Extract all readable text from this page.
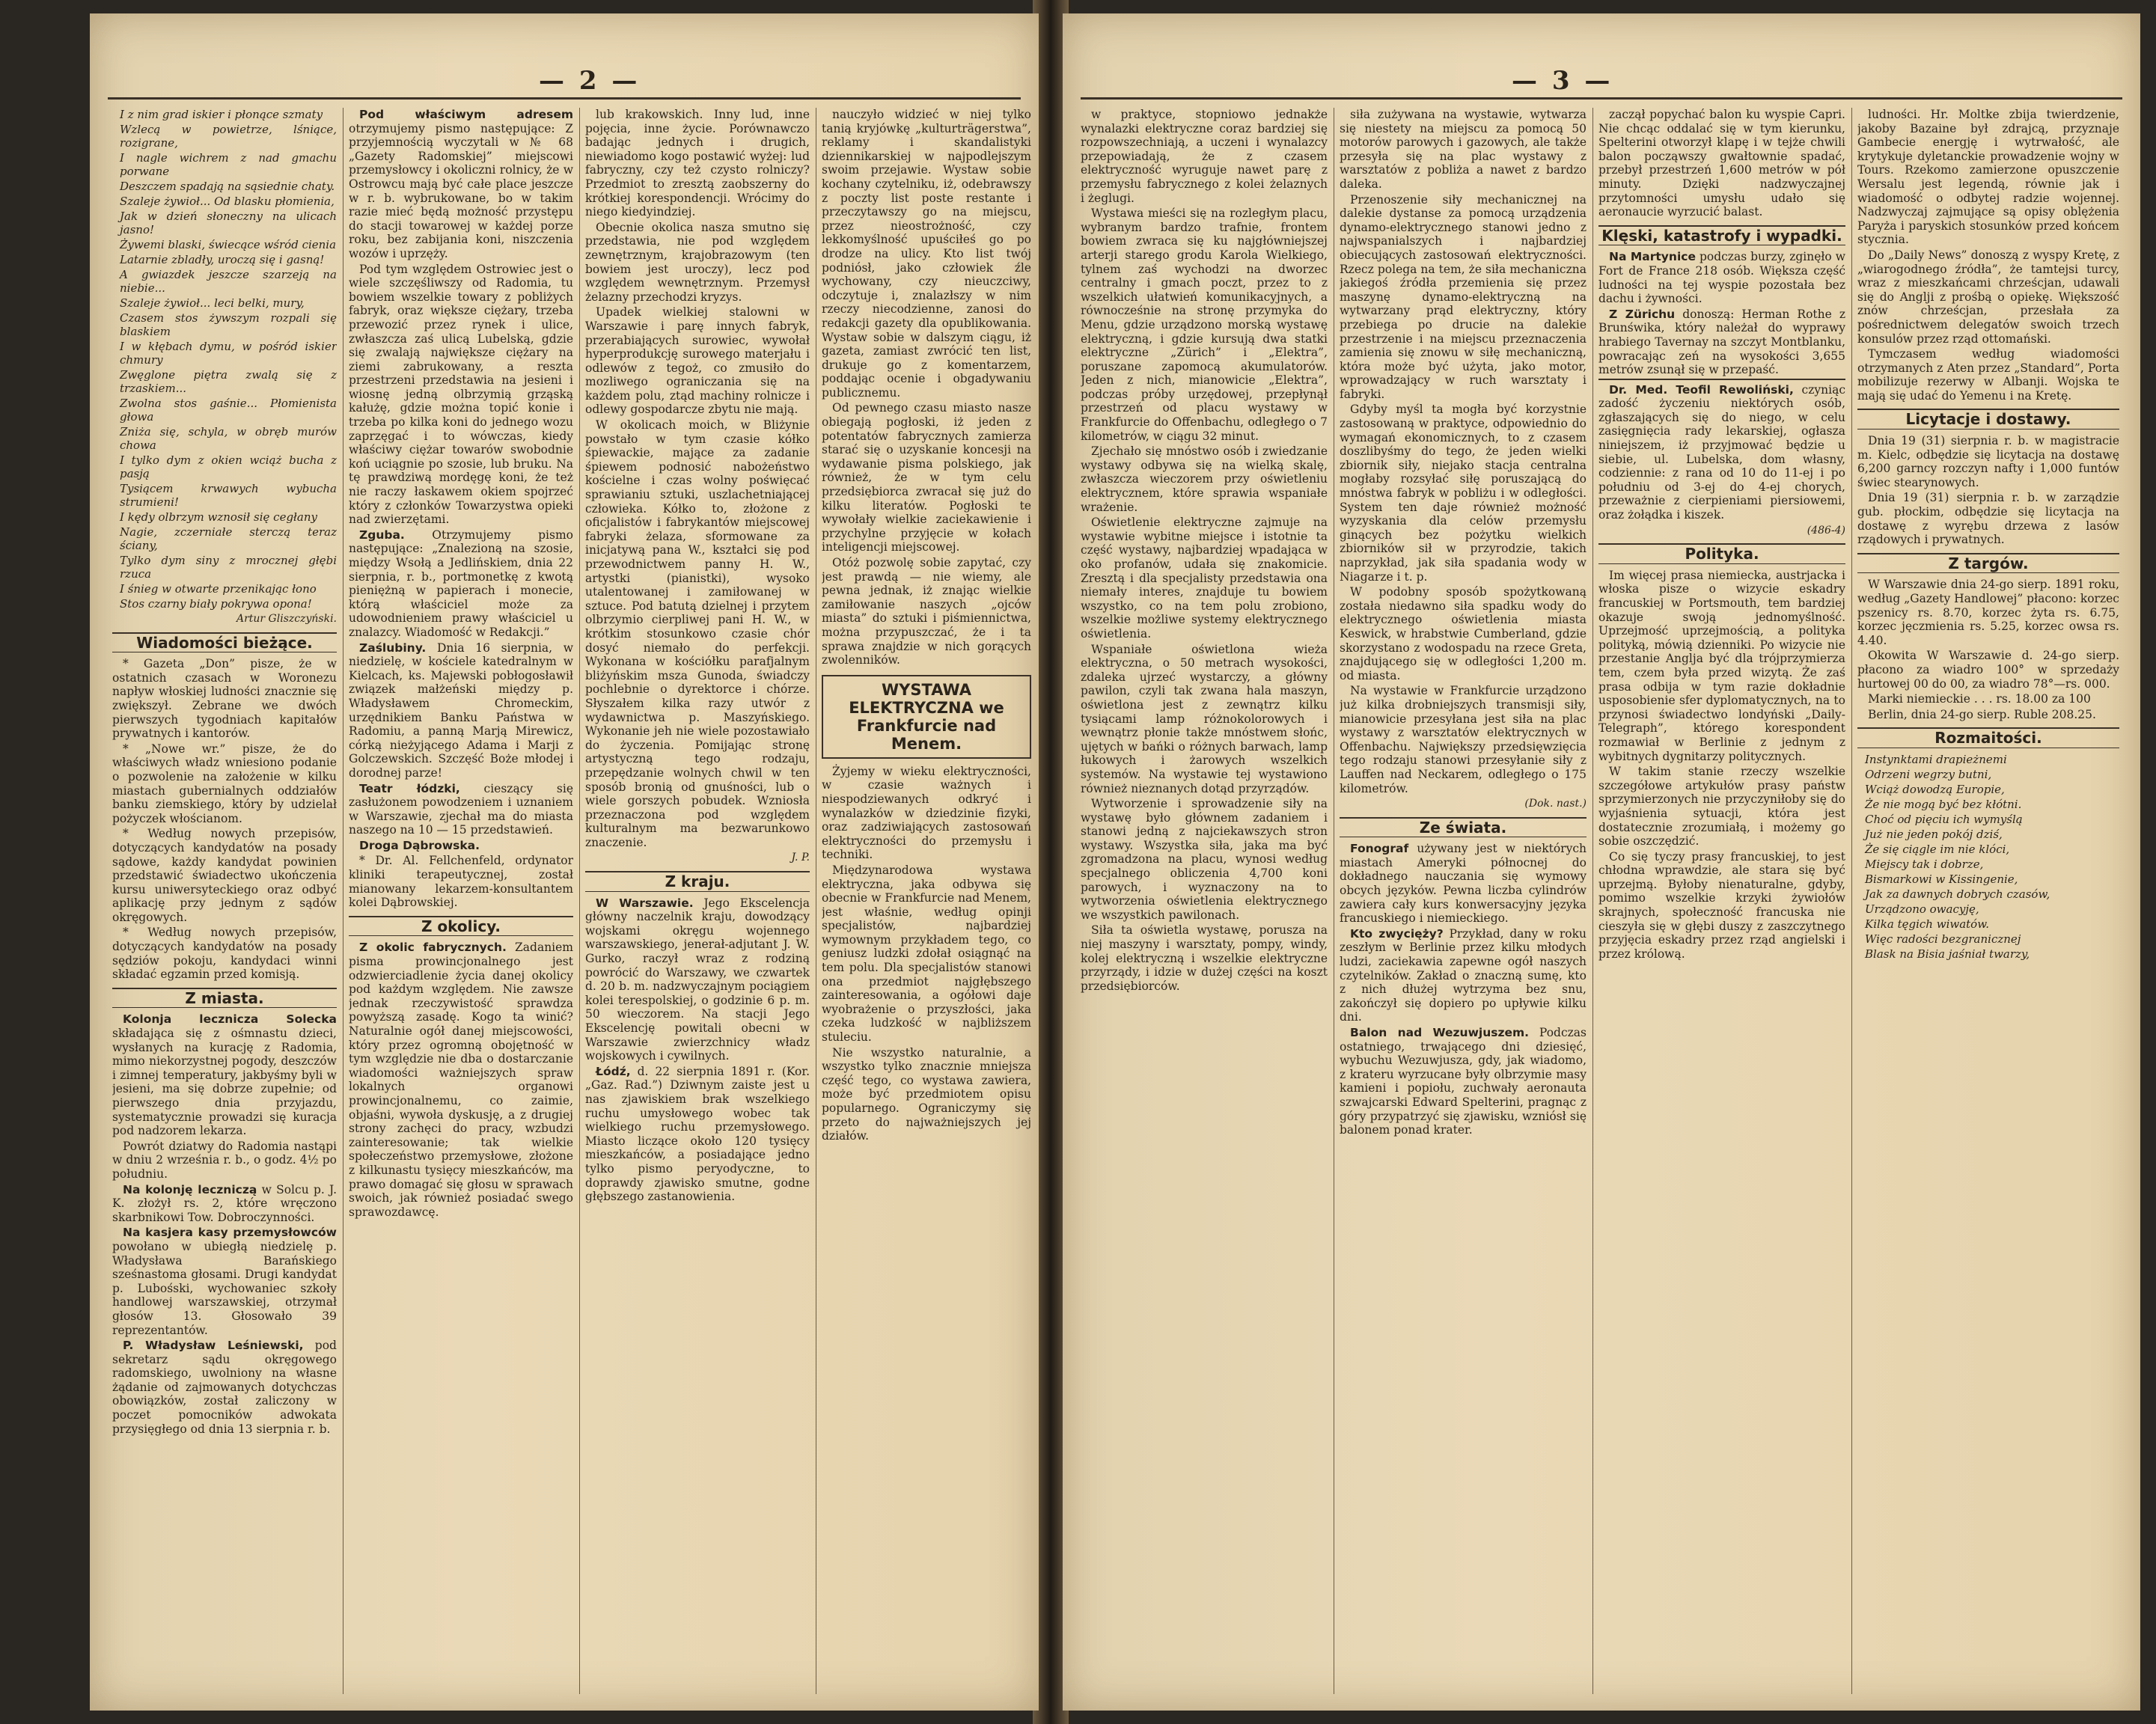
— 2 —
I z nim grad iskier i płonące szmaty
Wzlecą w powietrze, lśniące, rozigrane,
I nagle wichrem z nad gmachu porwane
Deszczem spadają na sąsiednie chaty.
Szaleje żywioł... Od blasku płomienia,
Jak w dzień słoneczny na ulicach jasno!
Żywemi blaski, świecące wśród cienia
Latarnie zbladły, uroczą się i gasną!
A gwiazdek jeszcze szarzeją na niebie...
Szaleje żywioł... leci belki, mury,
Czasem stos żywszym rozpali się blaskiem
I w kłębach dymu, w pośród iskier chmury
Zwęglone piętra zwalą się z trzaskiem...
Zwolna stos gaśnie... Płomienista głowa
Zniża się, schyla, w obręb murów chowa
I tylko dym z okien wciąż bucha z pasją
Tysiącem krwawych wybucha strumieni!
I kędy olbrzym wznosił się cegłany
Nagie, zczerniałe sterczą teraz ściany,
Tylko dym siny z mrocznej głębi rzuca
I śnieg w otwarte przenikając łono
Stos czarny biały pokrywa opona!
Artur Gliszczyński.
Wiadomości bieżące.

* Gazeta „Don” pisze, że w ostatnich czasach w Woronezu napływ włoskiej ludności znacznie się zwiększył. Zebrane we dwóch pierwszych tygodniach kapitałów prywatnych i kantorów.

* „Nowe wr.” pisze, że do właściwych władz wniesiono podanie o pozwolenie na założenie w kilku miastach gubernialnych oddziałów banku ziemskiego, który by udzielał pożyczek włościanom.

* Według nowych przepisów, dotyczących kandydatów na posady sądowe, każdy kandydat powinien przedstawić świadectwo ukończenia kursu uniwersyteckiego oraz odbyć aplikację przy jednym z sądów okręgowych.

* Według nowych przepisów, dotyczących kandydatów na posady sędziów pokoju, kandydaci winni składać egzamin przed komisją.

Z miasta.

Kolonja lecznicza Solecka składająca się z ośmnastu dzieci, wysłanych na kurację z Radomia, mimo niekorzystnej pogody, deszczów i zimnej temperatury, jakbyśmy byli w jesieni, ma się dobrze zupełnie; od pierwszego dnia przyjazdu, systematycznie prowadzi się kuracja pod nadzorem lekarza.

Powrót dziatwy do Radomia nastąpi w dniu 2 września r. b., o godz. 4½ po południu.

Na kolonję leczniczą w Solcu p. J. K. złożył rs. 2, które wręczono skarbnikowi Tow. Dobroczynności.

Na kasjera kasy przemysłowców powołano w ubiegłą niedzielę p. Władysława Barańskiego sześnastoma głosami. Drugi kandydat p. Lubośski, wychowaniec szkoły handlowej warszawskiej, otrzymał głosów 13. Głosowało 39 reprezentantów.

P. Władysław Leśniewski, pod sekretarz sądu okręgowego radomskiego, uwolniony na własne żądanie od zajmowanych dotychczas obowiązków, został zaliczony w poczet pomocników adwokata przysięgłego od dnia 13 sierpnia r. b.

Pod właściwym adresem otrzymujemy pismo następujące: Z przyjemnością wyczytali w № 68 „Gazety Radomskiej” miejscowi przemysłowcy i okoliczni rolnicy, że w Ostrowcu mają być całe place jeszcze w r. b. wybrukowane, bo w takim razie mieć będą możność przystępu do stacji towarowej w każdej porze roku, bez zabijania koni, niszczenia wozów i uprzęży.

Pod tym względem Ostrowiec jest o wiele szczęśliwszy od Radomia, tu bowiem wszelkie towary z pobliżych fabryk, oraz większe ciężary, trzeba przewozić przez rynek i ulice, zwłaszcza zaś ulicą Lubelską, gdzie się zwalają największe ciężary na ziemi zabrukowany, a reszta przestrzeni przedstawia na jesieni i wiosnę jedną olbrzymią grząską kałużę, gdzie można topić konie i trzeba po kilka koni do jednego wozu zaprzęgać i to wówczas, kiedy właściwy ciężar towarów swobodnie koń uciągnie po szosie, lub bruku. Na tę prawdziwą mordęgę koni, że też nie raczy łaskawem okiem spojrzeć który z członków Towarzystwa opieki nad zwierzętami.

Zguba. Otrzymujemy pismo następujące: „Znalezioną na szosie, między Wsołą a Jedlińskiem, dnia 22 sierpnia, r. b., portmonetkę z kwotą pieniężną w papierach i monecie, którą właściciel może za udowodnieniem prawy właściciel u znalazcy. Wiadomość w Redakcji.”

Zaślubiny. Dnia 16 sierpnia, w niedzielę, w kościele katedralnym w Kielcach, ks. Majewski pobłogosławił związek małżeński między p. Władysławem Chromeckim, urzędnikiem Banku Państwa w Radomiu, a panną Marją Mirewicz, córką nieżyjącego Adama i Marji z Golczewskich. Szczęść Boże młodej i dorodnej parze!

Teatr łódzki, cieszący się zasłużonem powodzeniem i uznaniem w Warszawie, zjechał ma do miasta naszego na 10 — 15 przedstawień.

Droga Dąbrowska.

* Dr. Al. Fellchenfeld, ordynator kliniki terapeutycznej, został mianowany lekarzem-konsultantem kolei Dąbrowskiej.

Z okolicy.

Z okolic fabrycznych. Zadaniem pisma prowincjonalnego jest odzwierciadlenie życia danej okolicy pod każdym względem. Nie zawsze jednak rzeczywistość sprawdza powyższą zasadę. Kogo ta winić? Naturalnie ogół danej miejscowości, który przez ogromną obojętność w tym względzie nie dba o dostarczanie wiadomości ważniejszych spraw lokalnych organowi prowincjonalnemu, co zaimie, objaśni, wywoła dyskusję, a z drugiej strony zachęci do pracy, wzbudzi zainteresowanie; tak wielkie społeczeństwo przemysłowe, złożone z kilkunastu tysięcy mieszkańców, ma prawo domagać się głosu w sprawach swoich, jak również posiadać swego sprawozdawcę.

lub krakowskich. Inny lud, inne pojęcia, inne życie. Porównawczo badając jednych i drugich, niewiadomo kogo postawić wyżej: lud fabryczny, czy też czysto rolniczy? Przedmiot to zresztą zaobszerny do krótkiej korespondencji. Wrócimy do niego kiedyindziej.

Obecnie okolica nasza smutno się przedstawia, nie pod względem zewnętrznym, krajobrazowym (ten bowiem jest uroczy), lecz pod względem wewnętrznym. Przemysł żelazny przechodzi kryzys.

Upadek wielkiej stalowni w Warszawie i parę innych fabryk, przerabiających surowiec, wywołał hyperprodukcję surowego materjału i odlewów z tegoż, co zmusiło do mozliwego ograniczania się na każdem polu, ztąd machiny rolnicze i odlewy gospodarcze zbytu nie mają.

W okolicach moich, w Bliżynie powstało w tym czasie kółko śpiewackie, mające za zadanie śpiewem podnosić nabożeństwo kościelne i czas wolny poświęcać sprawianiu sztuki, uszlachetniającej człowieka. Kółko to, złożone z oficjalistów i fabrykantów miejscowej fabryki żelaza, sformowane za inicjatywą pana W., kształci się pod przewodnictwem panny H. W., artystki (pianistki), wysoko utalentowanej i zamiłowanej w sztuce. Pod batutą dzielnej i przytem olbrzymio cierpliwej pani H. W., w krótkim stosunkowo czasie chór dosyć niemało do perfekcji. Wykonana w kościółku parafjalnym bliżyńskim msza Gunoda, świadczy pochlebnie o dyrektorce i chórze. Słyszałem kilka razy utwór z wydawnictwa p. Maszyńskiego. Wykonanie jeh nie wiele pozostawiało do życzenia. Pomijając stronę artystyczną tego rodzaju, przepędzanie wolnych chwil w ten sposób bronią od gnuśności, lub o wiele gorszych pobudek. Wzniosła przeznaczona pod względem kulturalnym ma bezwarunkowo znaczenie.

J. P.
Z kraju.

W Warszawie. Jego Ekscelencja główny naczelnik kraju, dowodzący wojskami okręgu wojennego warszawskiego, jenerał-adjutant J. W. Gurko, raczył wraz z rodziną powrócić do Warszawy, we czwartek d. 20 b. m. nadzwyczajnym pociągiem kolei terespolskiej, o godzinie 6 p. m. 50 wieczorem. Na stacji Jego Ekscelencję powitali obecni w Warszawie zwierzchnicy władz wojskowych i cywilnych.

Łódź, d. 22 sierpnia 1891 r. (Kor. „Gaz. Rad.”) Dziwnym zaiste jest u nas zjawiskiem brak wszelkiego ruchu umysłowego wobec tak wielkiego ruchu przemysłowego. Miasto liczące około 120 tysięcy mieszkańców, a posiadające jedno tylko pismo peryodyczne, to doprawdy zjawisko smutne, godne głębszego zastanowienia.

nauczyło widzieć w niej tylko tanią kryjówkę „kulturträgerstwa”, reklamy i skandalistyki dziennikarskiej w najpodlejszym swoim przejawie. Wystaw sobie kochany czytelniku, iż, odebrawszy z poczty list poste restante i przeczytawszy go na miejscu, przez nieostrożność, czy lekkomyślność upuściłeś go po drodze na ulicy. Kto list twój podniósł, jako człowiek źle wychowany, czy nieuczciwy, odczytuje i, znalazłszy w nim rzeczy niecodzienne, zanosi do redakcji gazety dla opublikowania. Wystaw sobie w dalszym ciągu, iż gazeta, zamiast zwrócić ten list, drukuje go z komentarzem, poddając ocenie i obgadywaniu publicznemu.

Od pewnego czasu miasto nasze obiegają pogłoski, iż jeden z potentatów fabrycznych zamierza starać się o uzyskanie koncesji na wydawanie pisma polskiego, jak również, że w tym celu przedsiębiorca zwracał się już do kilku literatów. Pogłoski te wywołały wielkie zaciekawienie i przychylne przyjęcie w kołach inteligencji miejscowej.

Otóż pozwolę sobie zapytać, czy jest prawdą — nie wiemy, ale pewna jednak, iż znając wielkie zamiłowanie naszych „ojców miasta” do sztuki i piśmiennictwa, można przypuszczać, że i ta sprawa znajdzie w nich gorących zwolenników.

WYSTAWA ELEKTRYCZNA we Frankfurcie nad Menem.

Żyjemy w wieku elektryczności, w czasie ważnych i niespodziewanych odkryć i wynalazków w dziedzinie fizyki, oraz zadziwiających zastosowań elektryczności do przemysłu i techniki.

Międzynarodowa wystawa elektryczna, jaka odbywa się obecnie w Frankfurcie nad Menem, jest właśnie, według opinji specjalistów, najbardziej wymownym przykładem tego, co geniusz ludzki zdołał osiągnąć na tem polu. Dla specjalistów stanowi ona przedmiot najgłębszego zainteresowania, a ogółowi daje wyobrażenie o przyszłości, jaka czeka ludzkość w najbliższem stuleciu.

Nie wszystko naturalnie, a wszystko tylko znacznie mniejsza część tego, co wystawa zawiera, może być przedmiotem opisu popularnego. Ograniczymy się przeto do najważniejszych jej działów.

— 3 —

w praktyce, stopniowo jednakże wynalazki elektryczne coraz bardziej się rozpowszechniają, a uczeni i wynalazcy przepowiadają, że z czasem elektryczność wyruguje nawet parę z przemysłu fabrycznego z kolei żelaznych i żeglugi.

Wystawa mieści się na rozległym placu, wybranym bardzo trafnie, frontem bowiem zwraca się ku najgłówniejszej arterji starego grodu Karola Wielkiego, tylnem zaś wychodzi na dworzec centralny i gmach poczt, przez to z wszelkich ułatwień komunikacyjnych, a równocześnie na stronę przymyka do Menu, gdzie urządzono morską wystawę elektryczną, i gdzie kursują dwa statki elektryczne „Zürich” i „Elektra”, poruszane zapomocą akumulatorów. Jeden z nich, mianowicie „Elektra”, podczas próby urzędowej, przepłynął przestrzeń od placu wystawy w Frankfurcie do Offenbachu, odległego o 7 kilometrów, w ciągu 32 minut.

Zjechało się mnóstwo osób i zwiedzanie wystawy odbywa się na wielką skalę, zwłaszcza wieczorem przy oświetleniu elektrycznem, które sprawia wspaniałe wrażenie.

Oświetlenie elektryczne zajmuje na wystawie wybitne miejsce i istotnie ta część wystawy, najbardziej wpadająca w oko profanów, udała się znakomicie. Zresztą i dla specjalisty przedstawia ona niemały interes, znajduje tu bowiem wszystko, co na tem polu zrobiono, wszelkie możliwe systemy elektrycznego oświetlenia.

Wspaniałe oświetlona wieża elektryczna, o 50 metrach wysokości, zdaleka ujrzeć wystarczy, a główny pawilon, czyli tak zwana hala maszyn, oświetlona jest z zewnątrz kilku tysiącami lamp różnokolorowych i wewnątrz płonie także mnóstwem słońc, ujętych w bańki o różnych barwach, lamp łukowych i żarowych wszelkich systemów. Na wystawie tej wystawiono również nieznanych dotąd przyrządów.

Wytworzenie i sprowadzenie siły na wystawę było głównem zadaniem i stanowi jedną z najciekawszych stron wystawy. Wszystka siła, jaka ma być zgromadzona na placu, wynosi według specjalnego obliczenia 4,700 koni parowych, i wyznaczony na to wytworzenia oświetlenia elektrycznego we wszystkich pawilonach.

Siła ta oświetla wystawę, porusza na niej maszyny i warsztaty, pompy, windy, kolej elektryczną i wszelkie elektryczne przyrządy, i idzie w dużej części na koszt przedsiębiorców.

siła zużywana na wystawie, wytwarza się niestety na miejscu za pomocą 50 motorów parowych i gazowych, ale także przesyła się na plac wystawy z warsztatów z pobliża a nawet z bardzo daleka.

Przenoszenie siły mechanicznej na dalekie dystanse za pomocą urządzenia dynamo-elektrycznego stanowi jedno z najwspanialszych i najbardziej obiecujących zastosowań elektryczności. Rzecz polega na tem, że siła mechaniczna jakiegoś źródła przemienia się przez maszynę dynamo-elektryczną na wytwarzany prąd elektryczny, który przebiega po drucie na dalekie przestrzenie i na miejscu przeznaczenia zamienia się znowu w siłę mechaniczną, która może być użyta, jako motor, wprowadzający w ruch warsztaty i fabryki.

Gdyby myśl ta mogła być korzystnie zastosowaną w praktyce, odpowiednio do wymagań ekonomicznych, to z czasem doszlibyśmy do tego, że jeden wielki zbiornik siły, niejako stacja centralna mogłaby rozsyłać siłę poruszającą do mnóstwa fabryk w pobliżu i w odległości. System ten daje również możność wyzyskania dla celów przemysłu ginących bez pożytku wielkich zbiorników sił w przyrodzie, takich naprzykład, jak siła spadania wody w Niagarze i t. p.

W podobny sposób spożytkowaną została niedawno siła spadku wody do elektrycznego oświetlenia miasta Keswick, w hrabstwie Cumberland, gdzie skorzystano z wodospadu na rzece Greta, znajdującego się w odległości 1,200 m. od miasta.

Na wystawie w Frankfurcie urządzono już kilka drobniejszych transmisji siły, mianowicie przesyłana jest siła na plac wystawy z warsztatów elektrycznych w Offenbachu. Największy przedsięwzięcia tego rodzaju stanowi przesyłanie siły z Lauffen nad Neckarem, odległego o 175 kilometrów.

(Dok. nast.)
Ze świata.

Fonograf używany jest w niektórych miastach Ameryki północnej do dokładnego nauczania się wymowy obcych języków. Pewna liczba cylindrów zawiera cały kurs konwersacyjny języka francuskiego i niemieckiego.

Kto zwycięży? Przykład, dany w roku zeszłym w Berlinie przez kilku młodych ludzi, zaciekawia zapewne ogół naszych czytelników. Zakład o znaczną sumę, kto z nich dłużej wytrzyma bez snu, zakończył się dopiero po upływie kilku dni.

Balon nad Wezuwjuszem. Podczas ostatniego, trwającego dni dziesięć, wybuchu Wezuwjusza, gdy, jak wiadomo, z krateru wyrzucane były olbrzymie masy kamieni i popiołu, zuchwały aeronauta szwajcarski Edward Spelterini, pragnąc z góry przypatrzyć się zjawisku, wzniósł się balonem ponad krater.

zaczął popychać balon ku wyspie Capri. Nie chcąc oddalać się w tym kierunku, Spelterini otworzył klapę i w tejże chwili balon począwszy gwałtownie spadać, przebył przestrzeń 1,600 metrów w pół minuty. Dzięki nadzwyczajnej przytomności umysłu udało się aeronaucie wyrzucić balast.

Klęski, katastrofy i wypadki.

Na Martynice podczas burzy, zginęło w Fort de France 218 osób. Większa część ludności na tej wyspie pozostała bez dachu i żywności.

Z Zürichu donoszą: Herman Rothe z Brunświka, który należał do wyprawy hrabiego Tavernay na szczyt Montblanku, powracając zeń na wysokości 3,655 metrów zsunął się w przepaść.

Dr. Med. Teofil Rewoliński, czyniąc zadość życzeniu niektórych osób, zgłaszających się do niego, w celu zasięgnięcia rady lekarskiej, ogłasza niniejszem, iż przyjmować będzie u siebie, ul. Lubelska, dom własny, codziennie: z rana od 10 do 11-ej i po południu od 3-ej do 4-ej chorych, przeważnie z cierpieniami piersiowemi, oraz żołądka i kiszek.

(486-4)
Polityka.

Im więcej prasa niemiecka, austrjacka i włoska pisze o wizycie eskadry francuskiej w Portsmouth, tem bardziej okazuje swoją jednomyślność. Uprzejmość uprzejmością, a polityka polityką, mówią dzienniki. Po wizycie nie przestanie Anglja być dla trójprzymierza tem, czem była przed wizytą. Że zaś prasa odbija w tym razie dokładnie usposobienie sfer dyplomatycznych, na to przynosi świadectwo londyński „Daily-Telegraph”, którego korespondent rozmawiał w Berlinie z jednym z wybitnych dygnitarzy politycznych.

W takim stanie rzeczy wszelkie szczegółowe artykułów prasy państw sprzymierzonych nie przyczyniłoby się do wyjaśnienia sytuacji, która jest dostatecznie zrozumiałą, i możemy go sobie oszczędzić.

Co się tyczy prasy francuskiej, to jest chłodna wprawdzie, ale stara się być uprzejmą. Byłoby nienaturalne, gdyby, pomimo wszelkie krzyki żywiołów skrajnych, społeczność francuska nie cieszyła się w głębi duszy z zaszczytnego przyjęcia eskadry przez rząd angielski i przez królową.

ludności. Hr. Moltke zbija twierdzenie, jakoby Bazaine był zdrajcą, przyznaje Gambecie energję i wytrwałość, ale krytykuje dyletanckie prowadzenie wojny w Tours. Rzekomo zamierzone opuszczenie Wersalu jest legendą, równie jak i wiadomość o odbytej radzie wojennej. Nadzwyczaj zajmujące są opisy oblężenia Paryża i paryskich stosunków przed końcem stycznia.

Do „Daily News” donoszą z wyspy Kretę, z „wiarogodnego źródła”, że tamtejsi turcy, wraz z mieszkańcami chrześcjan, udawali się do Anglji z prośbą o opiekę. Większość znów chrześcjan, przesłała za pośrednictwem delegatów swoich trzech konsulów przez rząd ottomański.

Tymczasem według wiadomości otrzymanych z Aten przez „Standard”, Porta mobilizuje rezerwy w Albanji. Wojska te mają się udać do Yemenu i na Kretę.

Licytacje i dostawy.

Dnia 19 (31) sierpnia r. b. w magistracie m. Kielc, odbędzie się licytacja na dostawę 6,200 garncy rozczyn nafty i 1,000 funtów świec stearynowych.

Dnia 19 (31) sierpnia r. b. w zarządzie gub. płockim, odbędzie się licytacja na dostawę z wyrębu drzewa z lasów rządowych i prywatnych.

Z targów.

W Warszawie dnia 24-go sierp. 1891 roku, według „Gazety Handlowej” płacono: korzec pszenicy rs. 8.70, korzec żyta rs. 6.75, korzec jęczmienia rs. 5.25, korzec owsa rs. 4.40.

Okowita W Warszawie d. 24-go sierp. płacono za wiadro 100° w sprzedaży hurtowej 00 do 00, za wiadro 78°—rs. 000.

Marki niemieckie . . . rs. 18.00 za 100

Berlin, dnia 24-go sierp. Ruble 208.25.

Rozmaitości.
Instynktami drapieżnemi
Odrzeni wegrzy butni,
Wciąż dowodzą Europie,
Że nie mogą być bez kłótni.
Choć od pięciu ich wymyślą
Już nie jeden pokój dziś,
Że się ciągle im nie klóci,
Miejscy tak i dobrze,
Bismarkowi w Kissingenie,
Jak za dawnych dobrych czasów,
Urządzono owacyję,
Kilka tęgich wiwatów.
Więc radości bezgranicznej
Blask na Bisia jaśniał twarzy,
